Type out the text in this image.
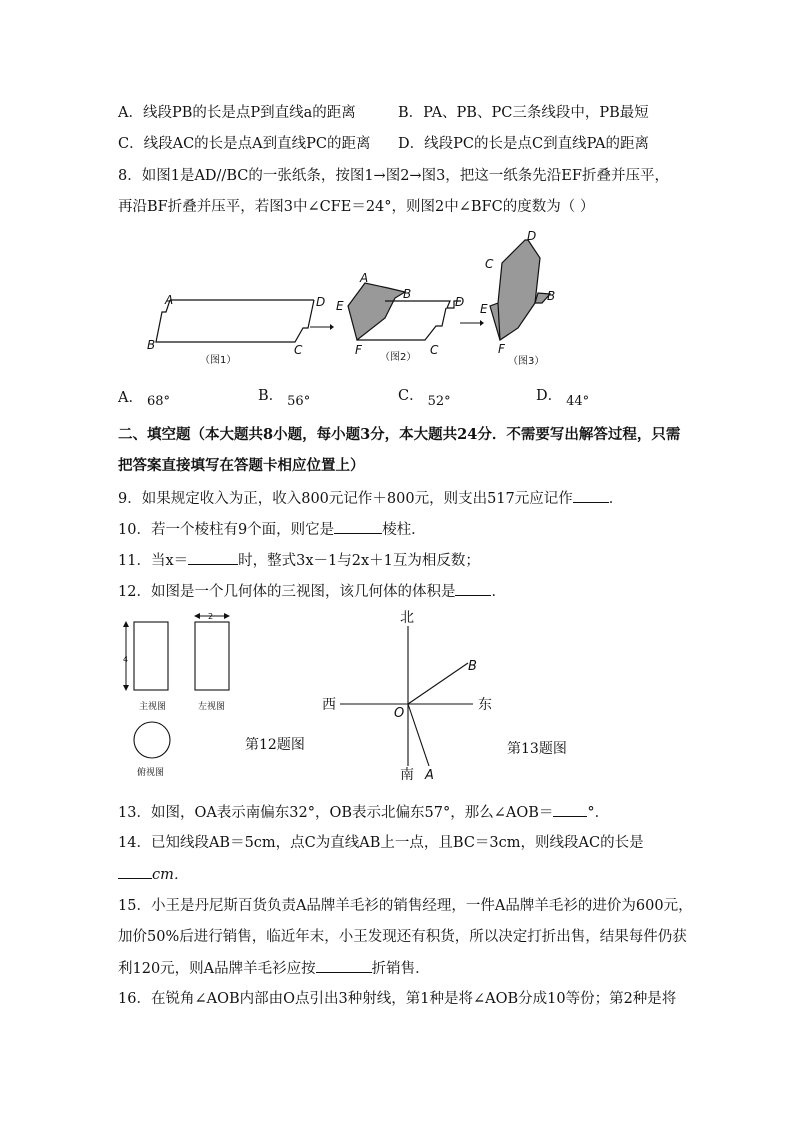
A．线段PB的长是点P到直线a的距离	B．PA、PB、PC三条线段中，PB最短
C．线段AC的长是点A到直线PC的距离 D．线段PC的长是点C到直线PA的距离
8．如图1是AD//BC的一张纸条，按图1→图2→图3，把这一纸条先沿EF折叠并压平，
再沿BF折叠并压平，若图3中∠CFE＝24°，则图2中∠BFC的度数为（ ）
A
B	C
D
（图1）
A
B
E
F	C
D
（图2）
D
C
B
E
F
（图3）
A． 68°	B． 56°	C． 52°	D． 44°
二、填空题（本大题共8小题，每小题3分，本大题共24分．不需要写出解答过程，只需
把答案直接填写在答题卡相应位置上）
9．如果规定收入为正，收入800元记作＋800元，则支出517元应记作 ．
10．若一个棱柱有9个面，则它是	棱柱．
11．当x＝	时，整式3x－1与2x＋1互为相反数；
12．如图是一个几何体的三视图，该几何体的体积是 ．
4
主视图
2
左视图
俯视图
第12题图
北
南
西	东
O
B
A
第13题图
13．如图，OA表示南偏东32°，OB表示北偏东57°，那么∠AOB＝ °．
14．已知线段AB＝5cm，点C为直线AB上一点，且BC＝3cm，则线段AC的长是
cm．
15．小王是丹尼斯百货负责A品牌羊毛衫的销售经理，一件A品牌羊毛衫的进价为600元，
加价50%后进行销售，临近年末，小王发现还有积货，所以决定打折出售，结果每件仍获
利120元，则A品牌羊毛衫应按	折销售．
16．在锐角∠AOB内部由O点引出3种射线，第1种是将∠AOB分成10等份；第2种是将
